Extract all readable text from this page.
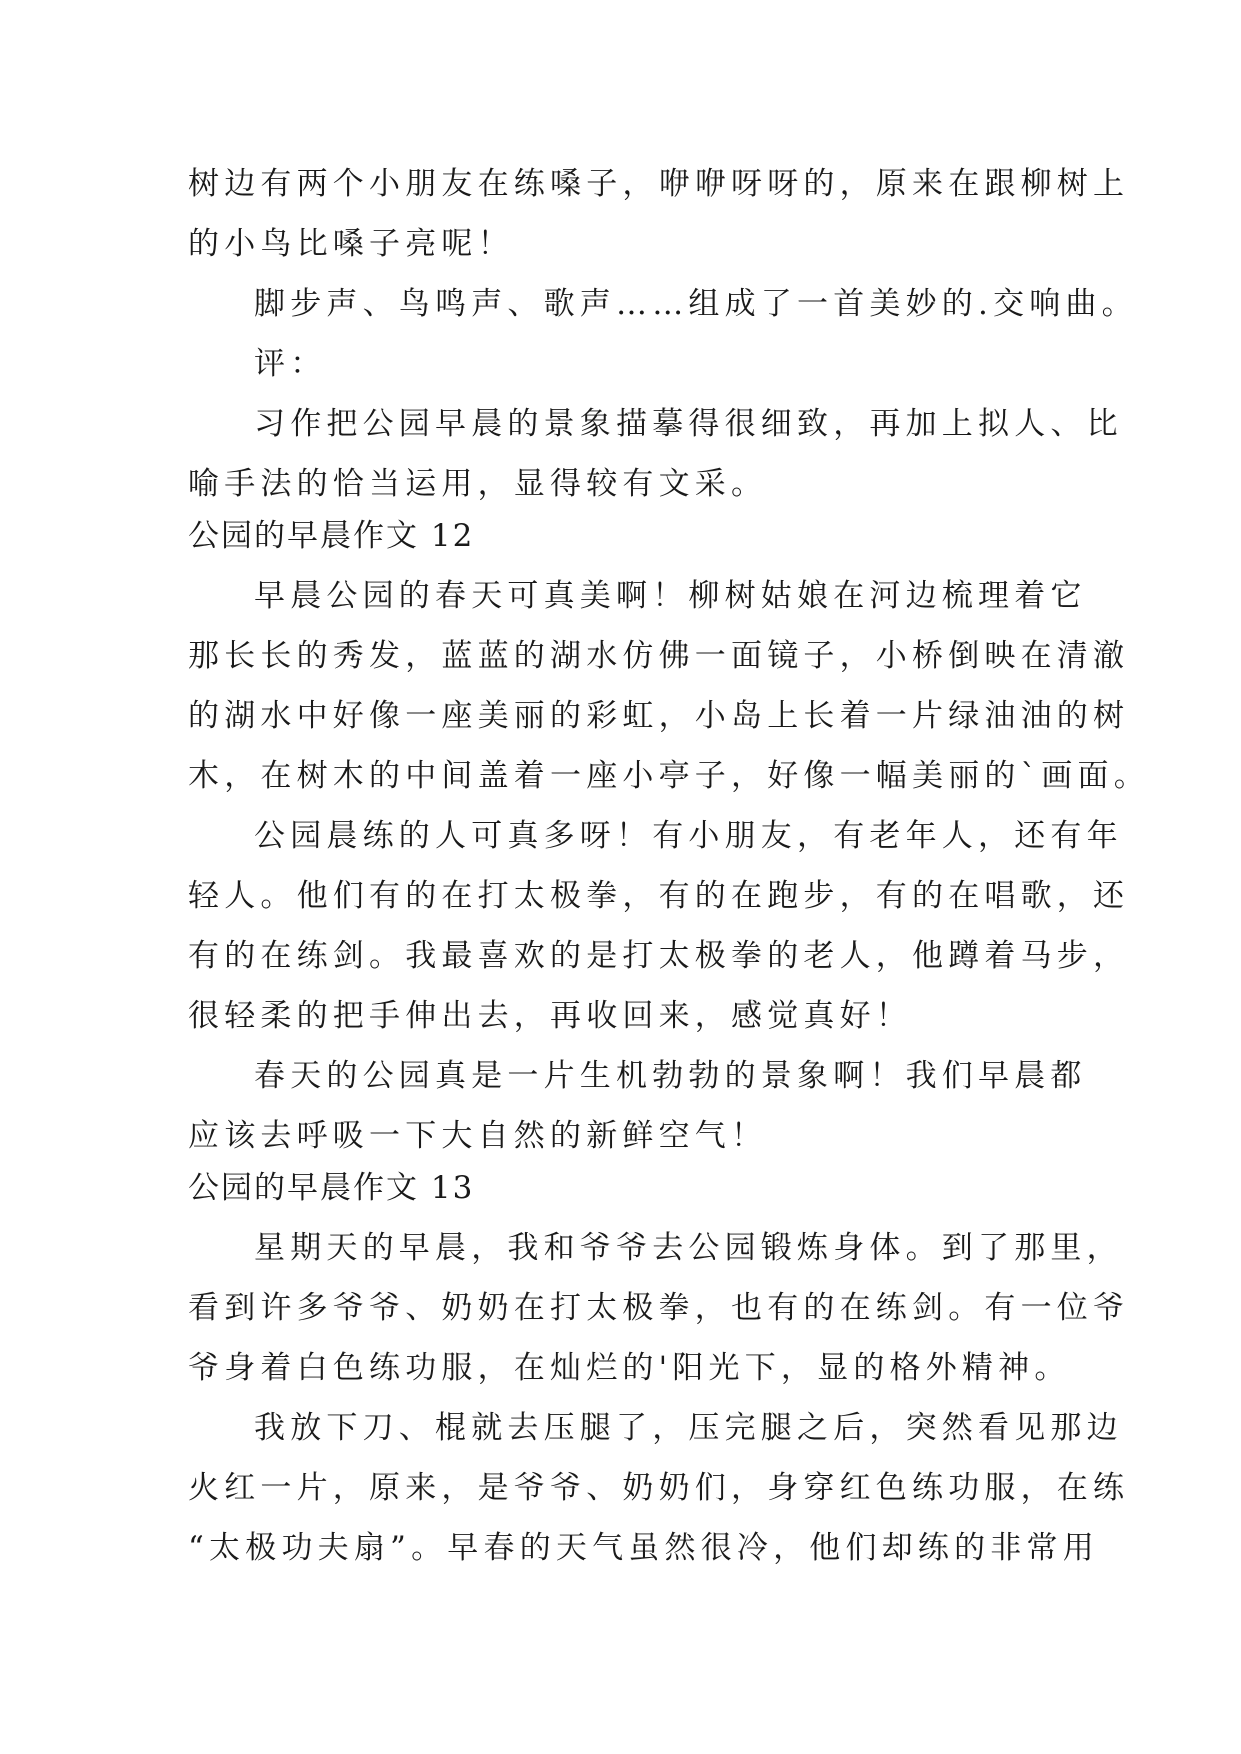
树边有两个小朋友在练嗓子，咿咿呀呀的，原来在跟柳树上
的小鸟比嗓子亮呢！
脚步声、鸟鸣声、歌声……组成了一首美妙的.交响曲。
评：
习作把公园早晨的景象描摹得很细致，再加上拟人、比
喻手法的恰当运用，显得较有文采。
公园的早晨作文 12
早晨公园的春天可真美啊！柳树姑娘在河边梳理着它
那长长的秀发，蓝蓝的湖水仿佛一面镜子，小桥倒映在清澈
的湖水中好像一座美丽的彩虹，小岛上长着一片绿油油的树
木，在树木的中间盖着一座小亭子，好像一幅美丽的`画面。
公园晨练的人可真多呀！有小朋友，有老年人，还有年
轻人。他们有的在打太极拳，有的在跑步，有的在唱歌，还
有的在练剑。我最喜欢的是打太极拳的老人，他蹲着马步，
很轻柔的把手伸出去，再收回来，感觉真好！
春天的公园真是一片生机勃勃的景象啊！我们早晨都
应该去呼吸一下大自然的新鲜空气！
公园的早晨作文 13
星期天的早晨，我和爷爷去公园锻炼身体。到了那里，
看到许多爷爷、奶奶在打太极拳，也有的在练剑。有一位爷
爷身着白色练功服，在灿烂的'阳光下，显的格外精神。
我放下刀、棍就去压腿了，压完腿之后，突然看见那边
火红一片，原来，是爷爷、奶奶们，身穿红色练功服，在练
“太极功夫扇”。早春的天气虽然很冷，他们却练的非常用
